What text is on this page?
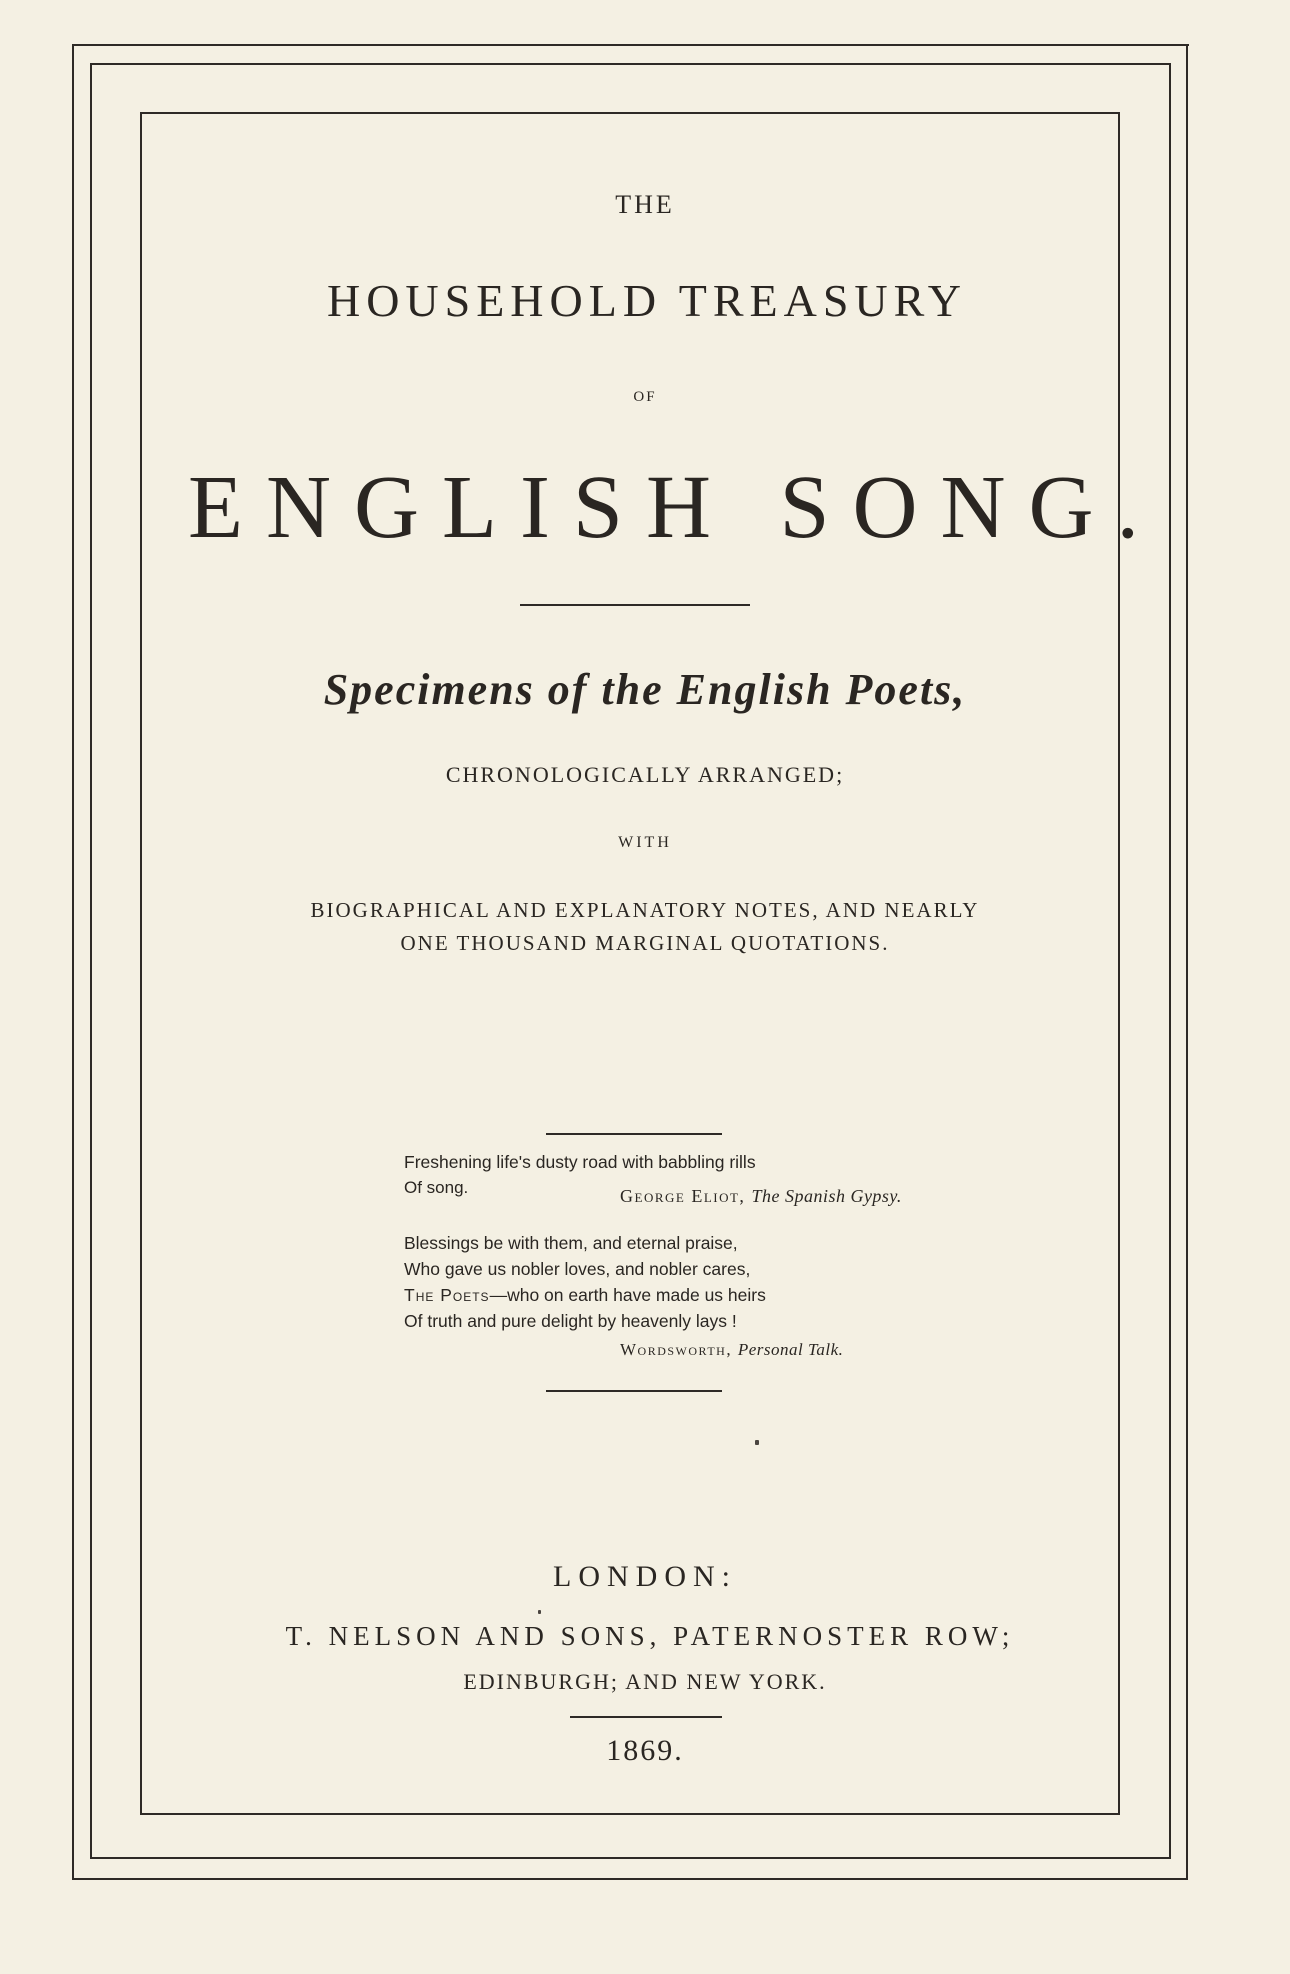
THE
HOUSEHOLD TREASURY
OF
ENGLISH SONG.
Specimens of the English Poets,
CHRONOLOGICALLY ARRANGED;
WITH
BIOGRAPHICAL AND EXPLANATORY NOTES, AND NEARLY
ONE THOUSAND MARGINAL QUOTATIONS.
Freshening life's dusty road with babbling rills
Of song.	George Eliot, The Spanish Gypsy.
Blessings be with them, and eternal praise,
Who gave us nobler loves, and nobler cares,
The Poets—who on earth have made us heirs
Of truth and pure delight by heavenly lays !
Wordsworth, Personal Talk.
LONDON:
T. NELSON AND SONS, PATERNOSTER ROW;
EDINBURGH; AND NEW YORK.
1869.
